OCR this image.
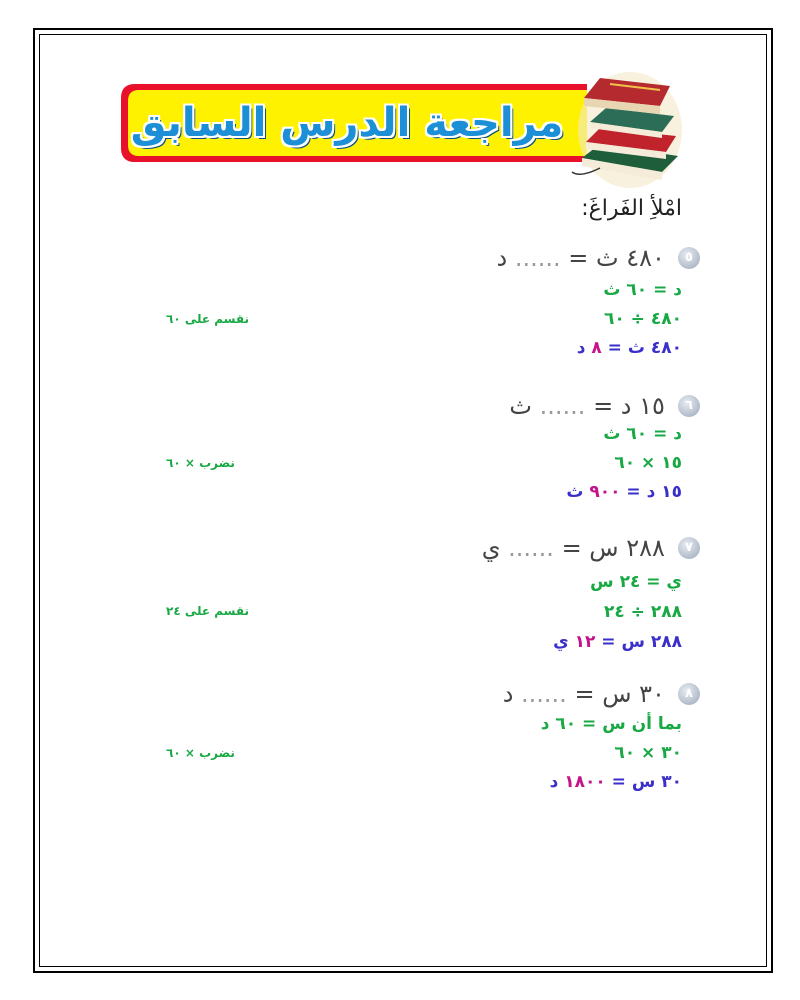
مراجعة الدرس السابق
امْلأِ الفَراغَ:
٥ ٤٨٠ ث = ...... د
د = ٦٠ ث
٤٨٠ ÷ ٦٠
٤٨٠ ث = ٨ د
نقسم على ٦٠
٦ ١٥ د = ...... ث
د = ٦٠ ث
١٥ × ٦٠
١٥ د = ٩٠٠ ث
نضرب × ٦٠
٧ ٢٨٨ س = ...... ي
ي = ٢٤ س
٢٨٨ ÷ ٢٤
٢٨٨ س = ١٢ ي
نقسم على ٢٤
٨ ٣٠ س = ...... د
بما أن س = ٦٠ د
٣٠ × ٦٠
٣٠ س = ١٨٠٠ د
نضرب × ٦٠
